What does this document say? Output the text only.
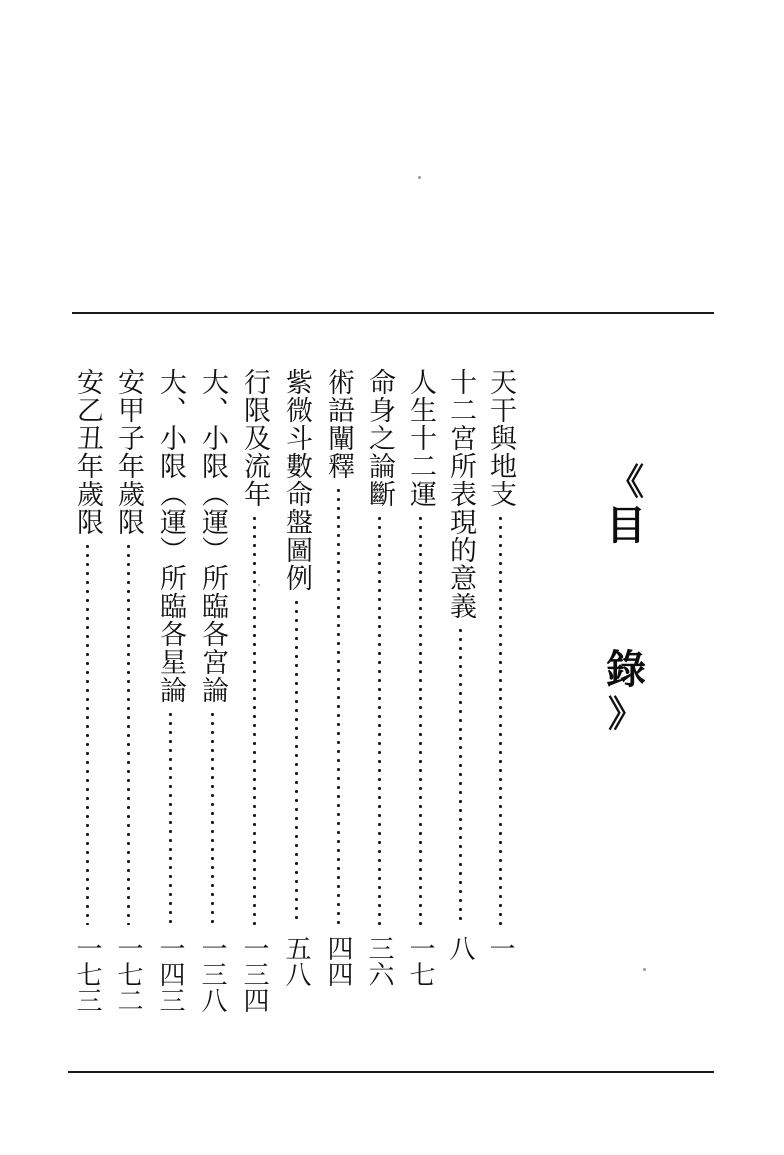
《
目
錄
》
天干與地支
一
十二宮所表現的意義
八
人生十二運
一七
命身之論斷
三六
術語闡釋
四四
紫微斗數命盤圖例
五八
行限及流年
一三四
大、小限︵運︶所臨各宮論
一三八
大、小限︵運︶所臨各星論
一四三
安甲子年歲限
一七二
安乙丑年歲限
一七三
